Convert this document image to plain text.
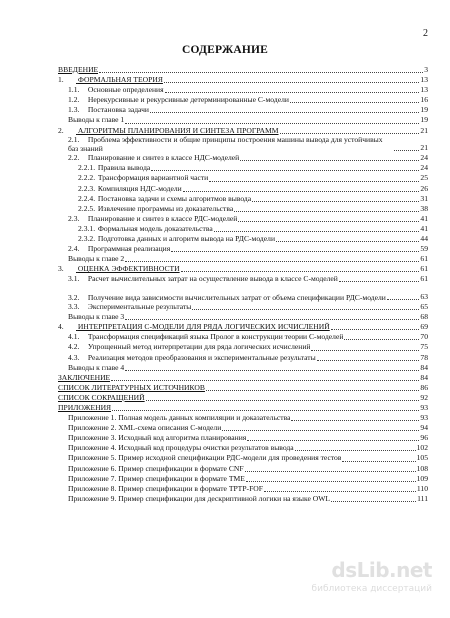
2
СОДЕРЖАНИЕ
ВВЕДЕНИЕ	3
1. ФОРМАЛЬНАЯ ТЕОРИЯ	13
1.1. Основные определения	13
1.2. Нерекурсивные и рекурсивные детерминированные С-модели	16
1.3. Постановка задачи	19
Выводы к главе 1	19
2. АЛГОРИТМЫ ПЛАНИРОВАНИЯ И СИНТЕЗА ПРОГРАММ	21
2.1. Проблема эффективности и общие принципы построения машины вывода для устойчивых баз знаний	21
2.2. Планирование и синтез в классе НДС-моделей	24
2.2.1. Правила вывода	24
2.2.2. Трансформация вариантной части	25
2.2.3. Компиляция НДС-модели	26
2.2.4. Постановка задачи и схемы алгоритмов вывода	31
2.2.5. Извлечение программы из доказательства	38
2.3. Планирование и синтез в классе РДС-моделей	41
2.3.1. Формальная модель доказательства	41
2.3.2. Подготовка данных и алгоритм вывода на РДС-модели	44
2.4. Программная реализация	59
Выводы к главе 2	61
3. ОЦЕНКА ЭФФЕКТИВНОСТИ	61
3.1. Расчет вычислительных затрат на осуществление вывода в классе С-моделей	61
3.2. Получение вида зависимости вычислительных затрат от объема спецификации РДС-модели	63
3.3. Экспериментальные результаты	65
Выводы к главе 3	68
4. ИНТЕРПРЕТАЦИЯ С-МОДЕЛИ ДЛЯ РЯДА ЛОГИЧЕСКИХ ИСЧИСЛЕНИЙ	69
4.1. Трансформация спецификаций языка Пролог в конструкции теории С-моделей	70
4.2. Упрощенный метод интерпретации для ряда логических исчислений	75
4.3. Реализация методов преобразования и экспериментальные результаты	78
Выводы к главе 4	84
ЗАКЛЮЧЕНИЕ	84
СПИСОК ЛИТЕРАТУРНЫХ ИСТОЧНИКОВ	86
СПИСОК СОКРАЩЕНИЙ	92
ПРИЛОЖЕНИЯ	93
Приложение 1. Полная модель данных компиляции и доказательства	93
Приложение 2. XML-схема описания С-модели	94
Приложение 3. Исходный код алгоритма планирования	96
Приложение 4. Исходный код процедуры очистки результатов вывода	102
Приложение 5. Пример исходной спецификации РДС-модели для проведения тестов	105
Приложение 6. Пример спецификации в формате CNF	108
Приложение 7. Пример спецификации в формате TME	109
Приложение 8. Пример спецификации в формате TPTP-FOF	110
Приложение 9. Пример спецификации для дескриптивной логики на языке OWL	111
dsLib.net
библиотека диссертаций
